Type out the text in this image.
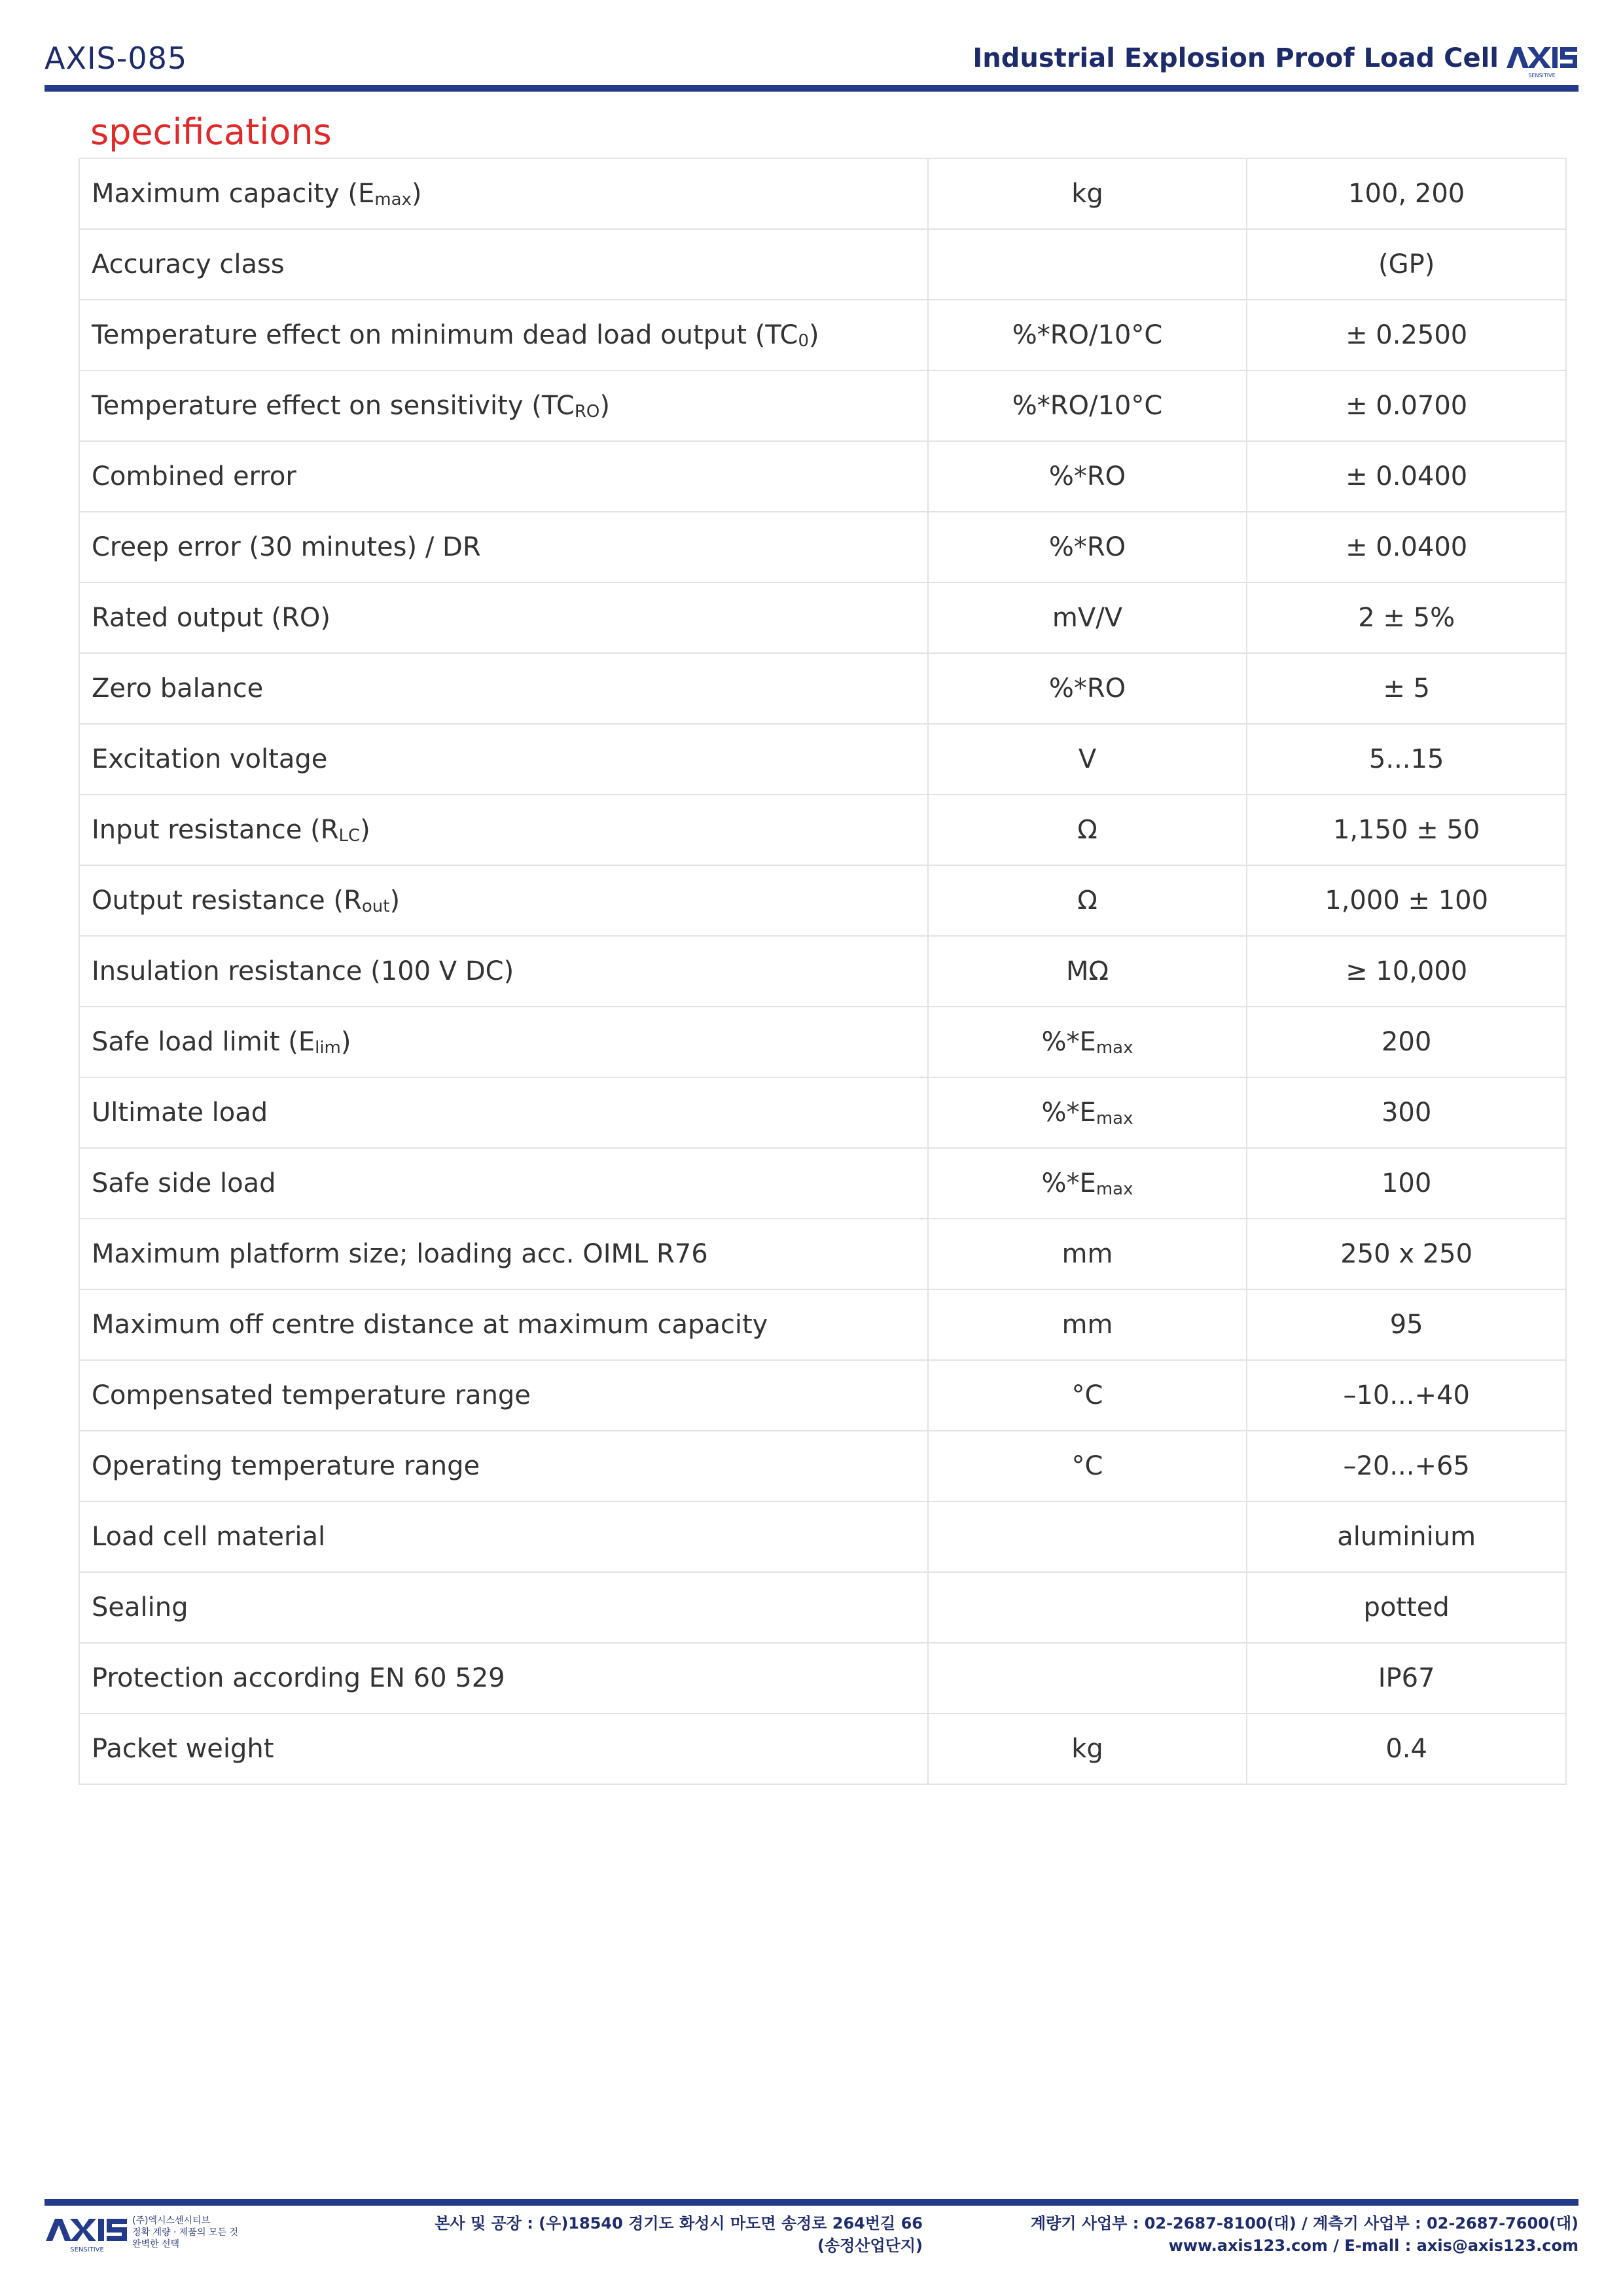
AXIS-085	Industrial Explosion Proof Load Cell
SENSITIVE
specifications
Maximum capacity (Emax)	kg	100, 200
Accuracy class		(GP)
Temperature effect on minimum dead load output (TC0)	%*RO/10°C	± 0.2500
Temperature effect on sensitivity (TCRO)	%*RO/10°C	± 0.0700
Combined error	%*RO	± 0.0400
Creep error (30 minutes) / DR	%*RO	± 0.0400
Rated output (RO)	mV/V	2 ± 5%
Zero balance	%*RO	± 5
Excitation voltage	V	5...15
Input resistance (RLC)	Ω	1,150 ± 50
Output resistance (Rout)	Ω	1,000 ± 100
Insulation resistance (100 V DC)	MΩ	≥ 10,000
Safe load limit (Elim)	%*Emax	200
Ultimate load	%*Emax	300
Safe side load	%*Emax	100
Maximum platform size; loading acc. OIML R76	mm	250 x 250
Maximum off centre distance at maximum capacity	mm	95
Compensated temperature range	°C	–10...+40
Operating temperature range	°C	–20...+65
Load cell material		aluminium
Sealing		potted
Protection according EN 60 529		IP67
Packet weight	kg	0.4
SENSITIVE
(주)엑시스센시티브
정확 계량 · 제품의 모든 것
완벽한 선택
본사 및 공장 : (우)18540 경기도 화성시 마도면 송정로 264번길 66
(송정산업단지)
계량기 사업부 : 02-2687-8100(대) / 계측기 사업부 : 02-2687-7600(대)
www.axis123.com / E-mall : axis@axis123.com
